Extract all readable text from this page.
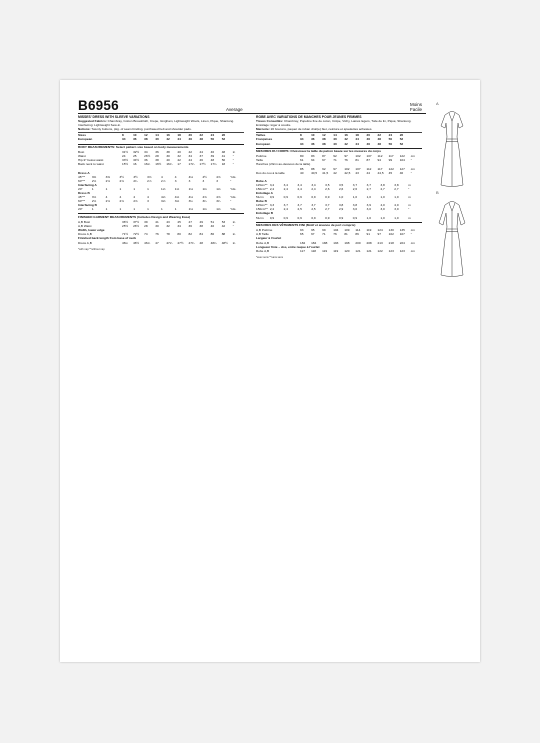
B6956	Average
Moins Facile
MISSES' DRESS WITH SLEEVE VARIATIONS

Suggested Fabrics: Chambray, Cotton Broadcloth, Crepe, Gingham, Lightweight Wools, Linen, Pique, Shantung. Interfacing: Lightweight Sew-in.

Notions: Twenty buttons, pkg. of seam binding, purchased belt and shoulder pads.

Sizes	8	10	12	14	16	18	20	22	24	26	
European	34	36	38	40	42	44	46	48	50	52	
BODY MEASUREMENTS: Select pattern size based on body measurements
Bust	31½	32½	34	36	38	40	42	44	46	48	in
Waist	24	25	26½	28	30	32	34	37	39	41	"
Hip-9" below waist	33½	34½	36	38	40	42	44	46	48	50	"
Back neck to waist	15½	16	16¼	16½	16¾	17	17¼	17½	17¾	18	"
Dress A											
45"**	3⅜	3⅜	3½	3½	3⅝	4	4	4⅛	4½	4⅝	Yds.
60"**	2⅝	2⅝	2⅝	2¾	2⅞	2⅞	3	3	3	3	"
Interfacing A											
20"	1	1	1	1	1	1⅛	1⅛	1⅛	1⅛	1⅛	Yds.
Dress B											
45"**	3⅝	4	4	4	4	4⅛	4⅛	4⅛	4⅝	4⅝	Yds.
60"**	2⅝	2⅝	2⅝	2⅝	3	3⅛	3⅛	3¼	3¼	3¼	"
Interfacing B											
20"	1	1	1	1	1	1	1	1⅛	1⅛	1⅛	Yds.
FINISHED GARMENT MEASUREMENTS (Includes Design and Wearing Ease)
A,B Bust	36½	37½	39	41	43	45	47	49	51	53	in.
A,B Waist	25½	26½	28	30	32	34	36	38	40	42	"
Width, lower edge											
Dress A,B	71½	72½	74	76	78	80	82	84	86	88	in.
Finished back length from base of neck											
Dress A,B	46¼	46½	46¾	47	47¼	47½	47¾	48	48¼	48½	in.
*with nap **without nap
ROBE AVEC VARIATIONS DE MANCHES POUR JEUNES FEMMES

Tissus Conseillés: Chambray, Popeline fine de coton, Crêpe, Vichy, Lainés légers, Toile de lin, Piqué, Shantung. Entoilage: léger à coudre.

Mercerie: 20 boutons, paquet de ruban droit(e) biet, ceinture et épaulettes achetées.

Tailles	8	10	12	14	16	18	20	22	24	26	
Françaises	34	36	38	40	42	44	46	48	50	52	
Européen	34	36	38	40	42	44	46	48	50	52	
MESURES DU CORPS: Choisissez la taille du patron basée sur les mesures du corps
Poitrine	80	83	87	92	97	102	107	112	117	122	cm
Taille	61	64	67	71	76	81	87	94	99	104	"
Hanches (23cm au-dessous de la taille)											
	85	88	92	97	102	107	112	117	122	127	cm
Dos du cou à la taille	40	40,5	41,5	42	42,5	43	44	44,5	45	46	"
Robe A											
115cm**	3,4	3,4	3,4	3,4	3,5	3,5	3,7	3,7	3,8	3,8	m
150cm**	2,4	2,4	2,4	2,4	2,6	2,6	2,6	2,7	2,7	2,7	"
Entoilage A											
51cm	0,9	0,9	0,9	0,9	0,9	1,0	1,0	1,0	1,0	1,0	m
Robe B											
115cm**	3,3	3,7	3,7	3,7	3,7	3,8	3,8	3,9	4,0	4,0	m
150cm**	2,4	2,4	2,5	2,5	2,7	2,9	3,0	3,0	3,0	3,0	"
Entoilage B											
51cm	0,9	0,9	0,9	0,9	0,9	0,9	0,9	1,0	1,0	1,0	m
MESURES DES VÊTEMENTS FINI (Motif et aisance de port compris)
A,B Poitrine	93	95	99	104	109	114	119	124	130	135	cm
A,B Taille	65	67	71	76	81	86	91	97	102	107	"
Largeur à l'ourlet											
Robe A,B	182	184	188	193	198	200	208	213	218	224	cm
Longueur finie – dos, entre nuque à l'ourlet											
Robe A,B	117	118	119	119	120	121	121	122	123	123	cm
*avec sens **sans sens
A
B
